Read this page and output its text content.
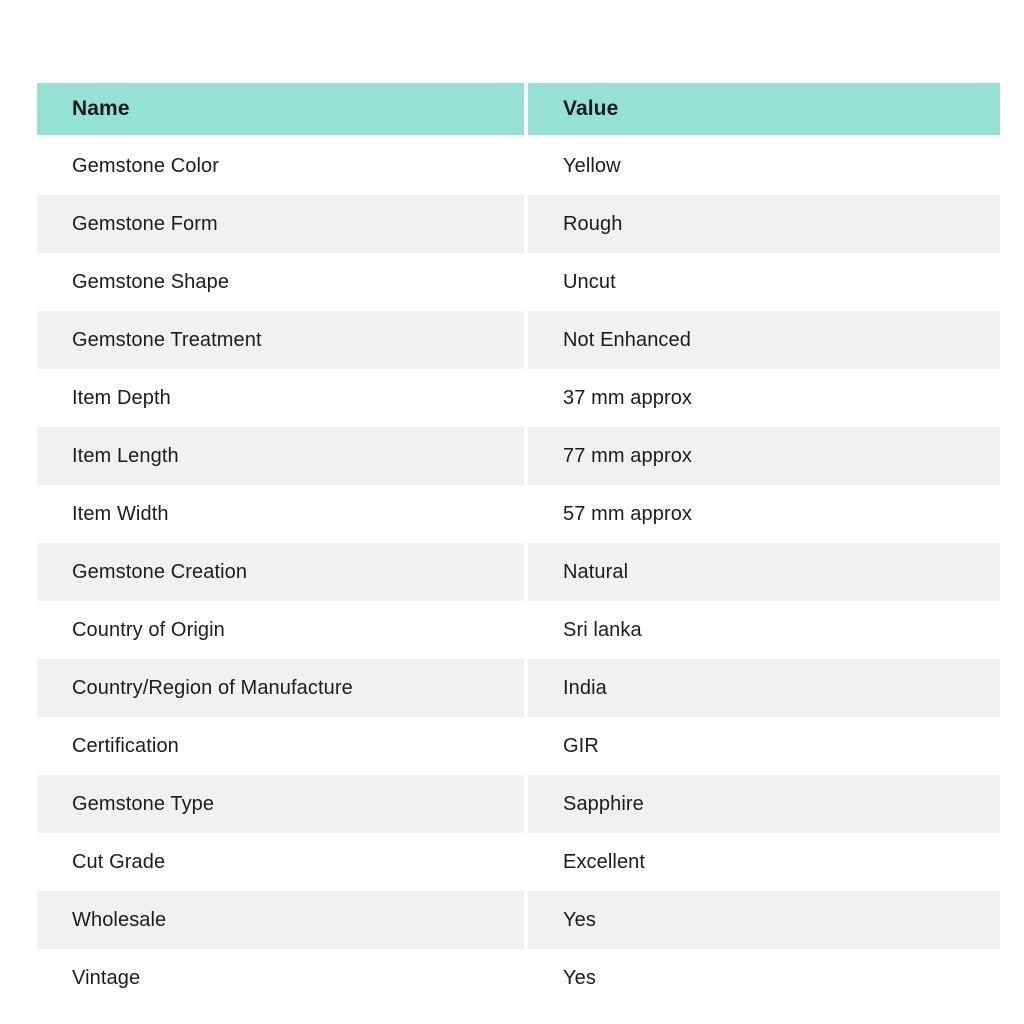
Name	Value
Gemstone Color	Yellow
Gemstone Form	Rough
Gemstone Shape	Uncut
Gemstone Treatment	Not Enhanced
Item Depth	37 mm approx
Item Length	77 mm approx
Item Width	57 mm approx
Gemstone Creation	Natural
Country of Origin	Sri lanka
Country/Region of Manufacture	India
Certification	GIR
Gemstone Type	Sapphire
Cut Grade	Excellent
Wholesale	Yes
Vintage	Yes
